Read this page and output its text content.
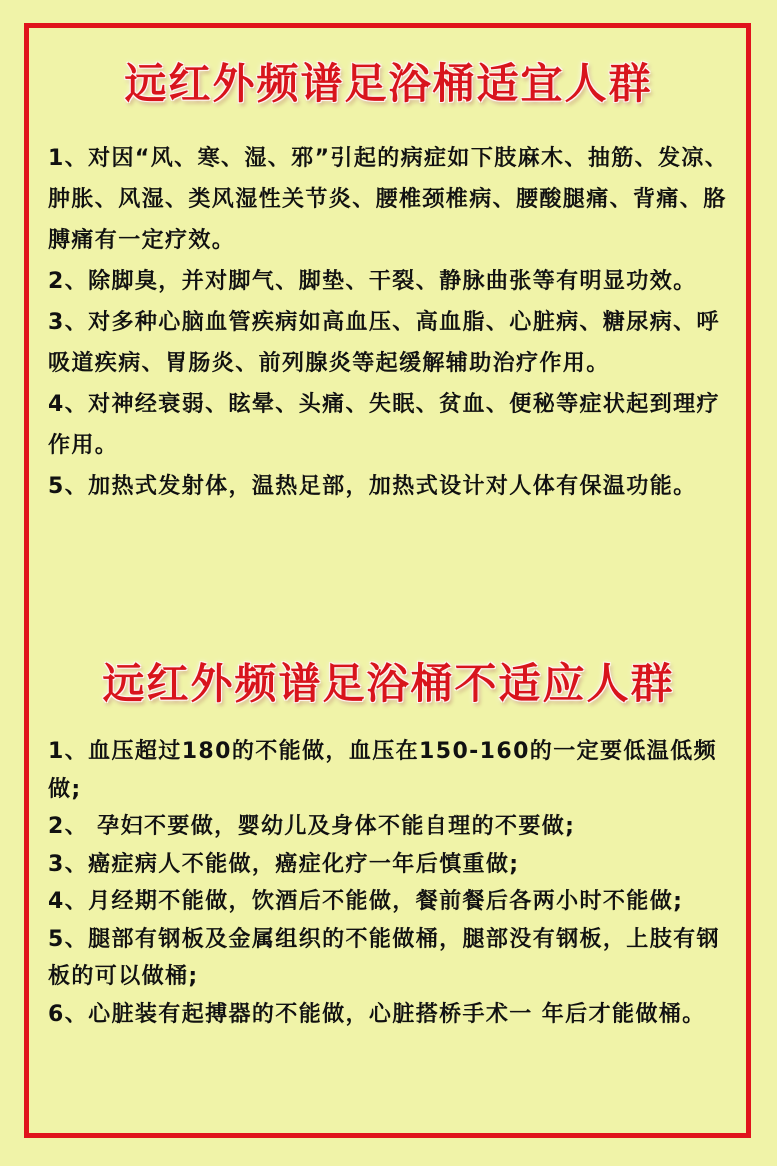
远红外频谱足浴桶适宜人群
1、对因“风、寒、湿、邪”引起的病症如下肢麻木、抽筋、发凉、肿胀、风湿、类风湿性关节炎、腰椎颈椎病、腰酸腿痛、背痛、胳膊痛有一定疗效。
2、除脚臭，并对脚气、脚垫、干裂、静脉曲张等有明显功效。
3、对多种心脑血管疾病如高血压、高血脂、心脏病、糖尿病、呼吸道疾病、胃肠炎、前列腺炎等起缓解辅助治疗作用。
4、对神经衰弱、眩晕、头痛、失眠、贫血、便秘等症状起到理疗作用。
5、加热式发射体，温热足部，加热式设计对人体有保温功能。
远红外频谱足浴桶不适应人群
1、血压超过180的不能做，血压在150-160的一定要低温低频做;
2、 孕妇不要做，婴幼儿及身体不能自理的不要做;
3、癌症病人不能做，癌症化疗一年后慎重做;
4、月经期不能做，饮酒后不能做，餐前餐后各两小时不能做;
5、腿部有钢板及金属组织的不能做桶，腿部没有钢板，上肢有钢板的可以做桶;
6、心脏装有起搏器的不能做，心脏搭桥手术一 年后才能做桶。
